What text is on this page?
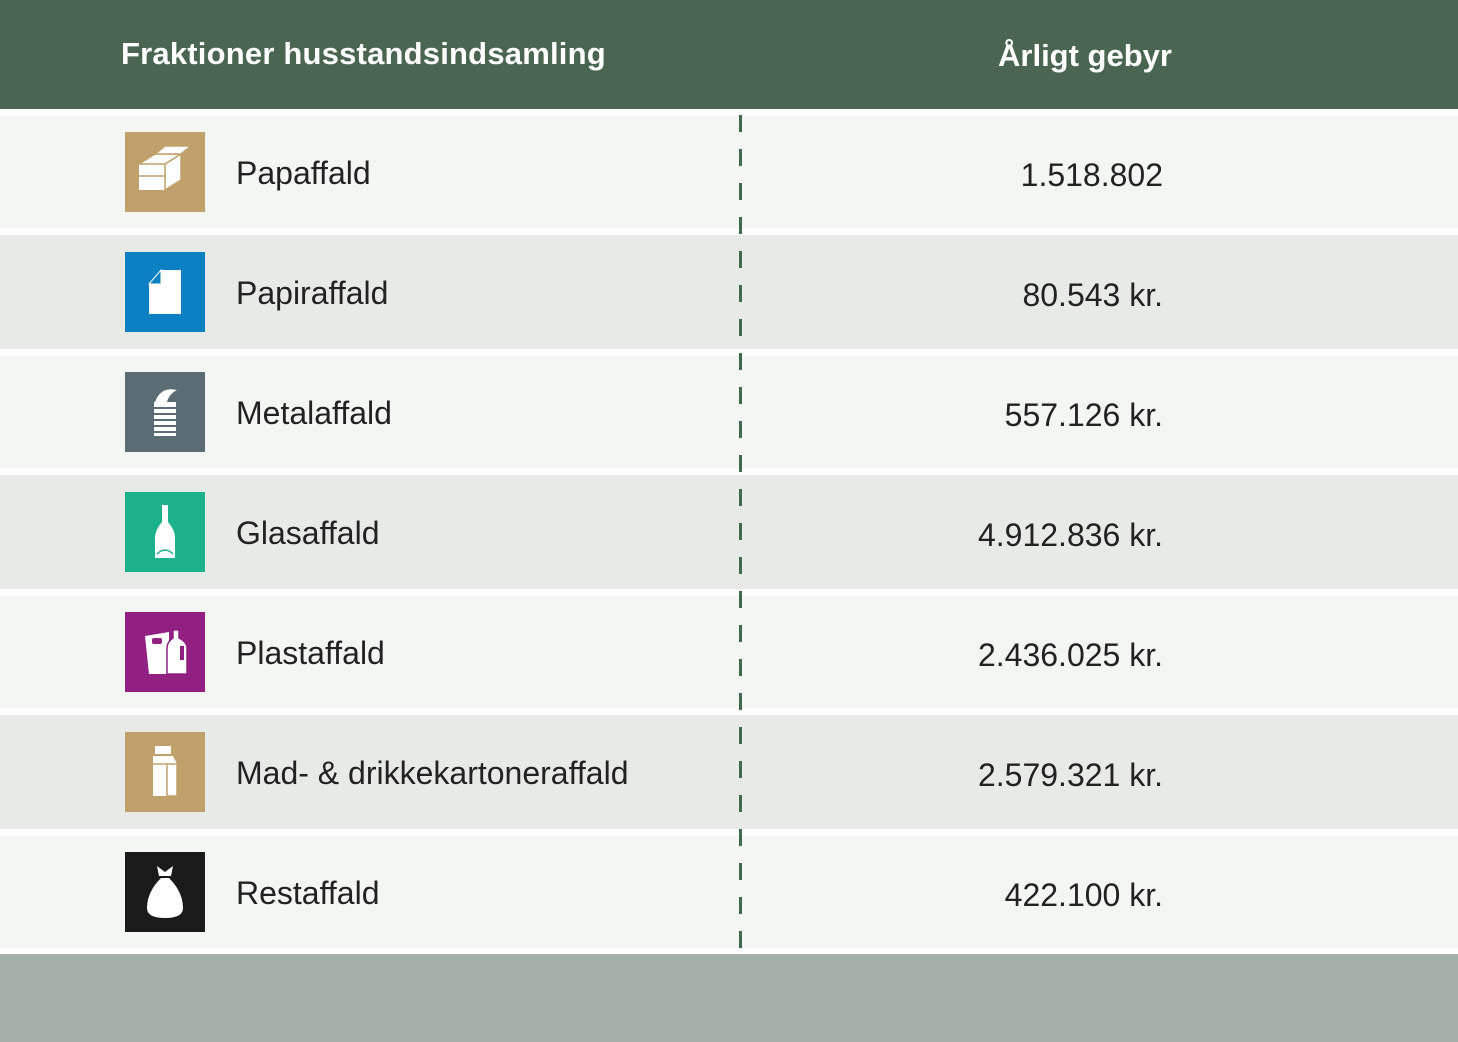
Fraktioner husstandsindsamling	Årligt gebyr
Papaffald	1.518.802
Papiraffald	80.543 kr.
Metalaffald	557.126 kr.
Glasaffald	4.912.836 kr.
Plastaffald	2.436.025 kr.
Mad- & drikkekartoneraffald	2.579.321 kr.
Restaffald	422.100 kr.
